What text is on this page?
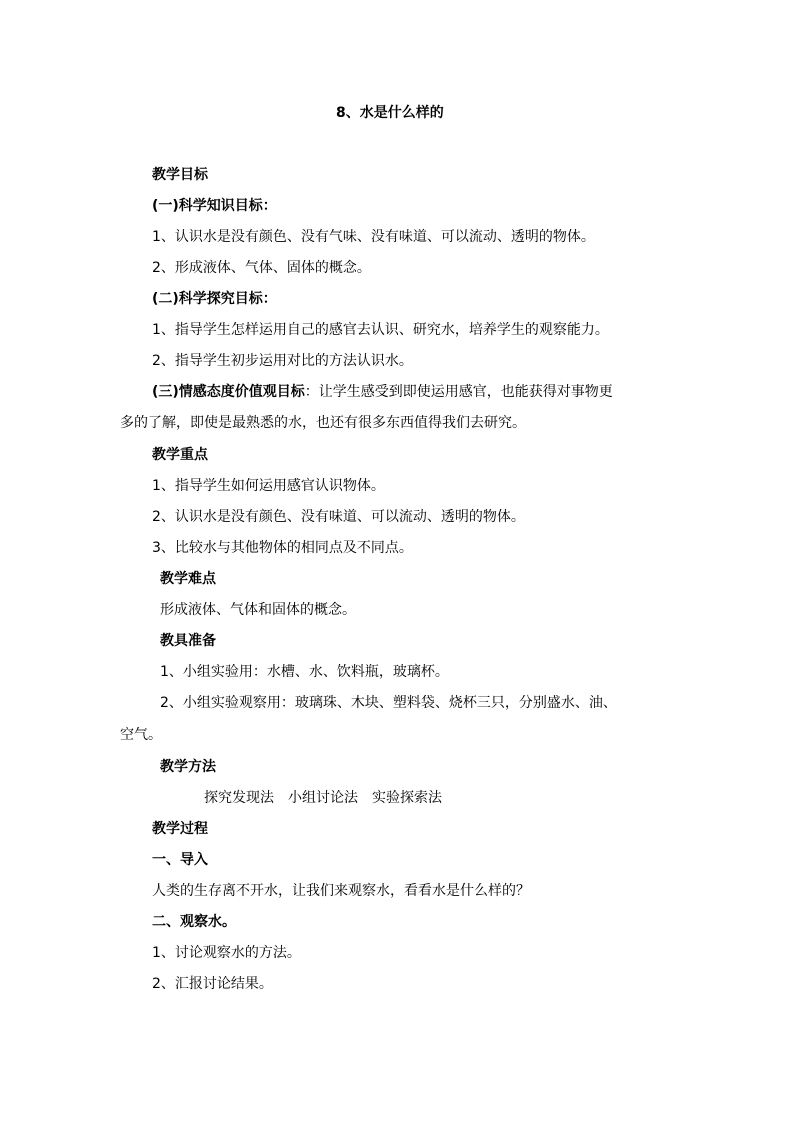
8、水是什么样的
教学目标
(一)科学知识目标：
1、认识水是没有颜色、没有气味、没有味道、可以流动、透明的物体。
2、形成液体、气体、固体的概念。
(二)科学探究目标：
1、指导学生怎样运用自己的感官去认识、研究水，培养学生的观察能力。
2、指导学生初步运用对比的方法认识水。
(三)情感态度价值观目标：让学生感受到即使运用感官，也能获得对事物更
多的了解，即使是最熟悉的水，也还有很多东西值得我们去研究。
教学重点
1、指导学生如何运用感官认识物体。
2、认识水是没有颜色、没有味道、可以流动、透明的物体。
3、比较水与其他物体的相同点及不同点。
教学难点
形成液体、气体和固体的概念。
教具准备
1、小组实验用：水槽、水、饮料瓶，玻璃杯。
2、小组实验观察用：玻璃珠、木块、塑料袋、烧杯三只，分别盛水、油、
空气。
教学方法
探究发现法　小组讨论法　实验探索法
教学过程
一、导入
人类的生存离不开水，让我们来观察水，看看水是什么样的？
二、观察水。
1、讨论观察水的方法。
2、汇报讨论结果。
